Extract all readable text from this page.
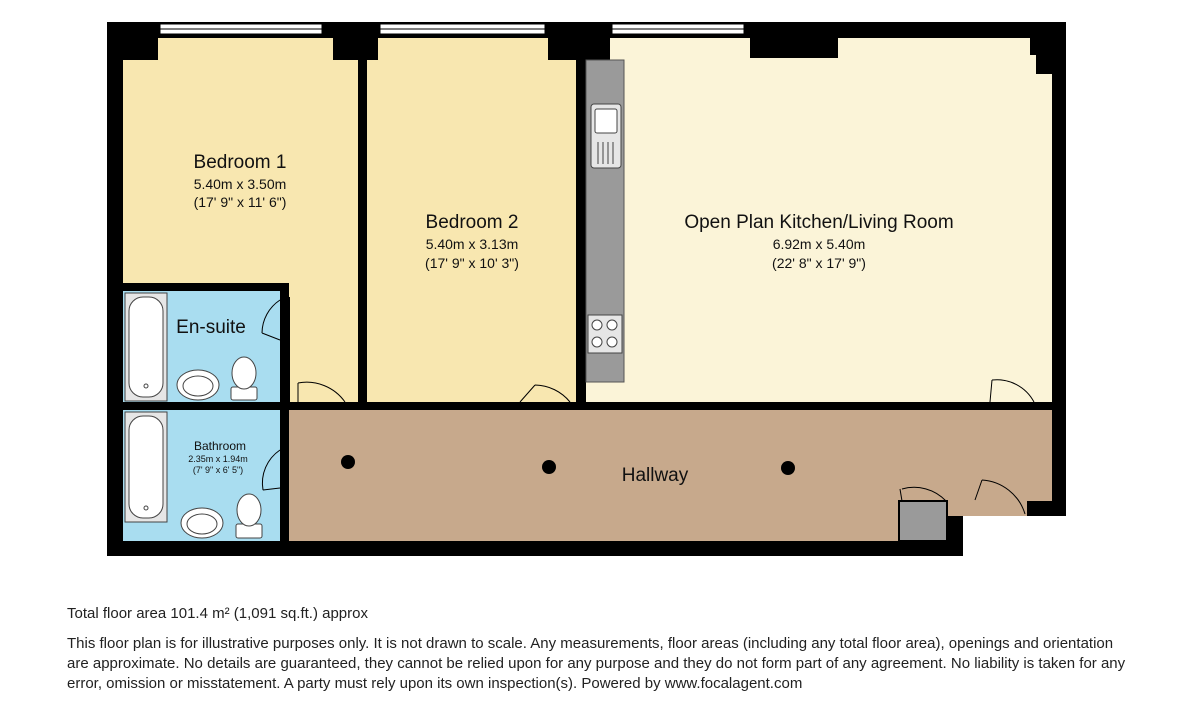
Bedroom 1
5.40m x 3.50m
(17' 9" x 11' 6")
Bedroom 2
5.40m x 3.13m
(17' 9" x 10' 3")
Open Plan Kitchen/Living Room
6.92m x 5.40m
(22' 8" x 17' 9")
En-suite
Bathroom
2.35m x 1.94m
(7' 9" x 6' 5")	Hallway

Total floor area 101.4 m² (1,091 sq.ft.) approx

This floor plan is for illustrative purposes only. It is not drawn to scale. Any measurements, floor areas (including any total floor area), openings and orientation are approximate. No details are guaranteed, they cannot be relied upon for any purpose and they do not form part of any agreement. No liability is taken for any error, omission or misstatement. A party must rely upon its own inspection(s). Powered by www.focalagent.com
